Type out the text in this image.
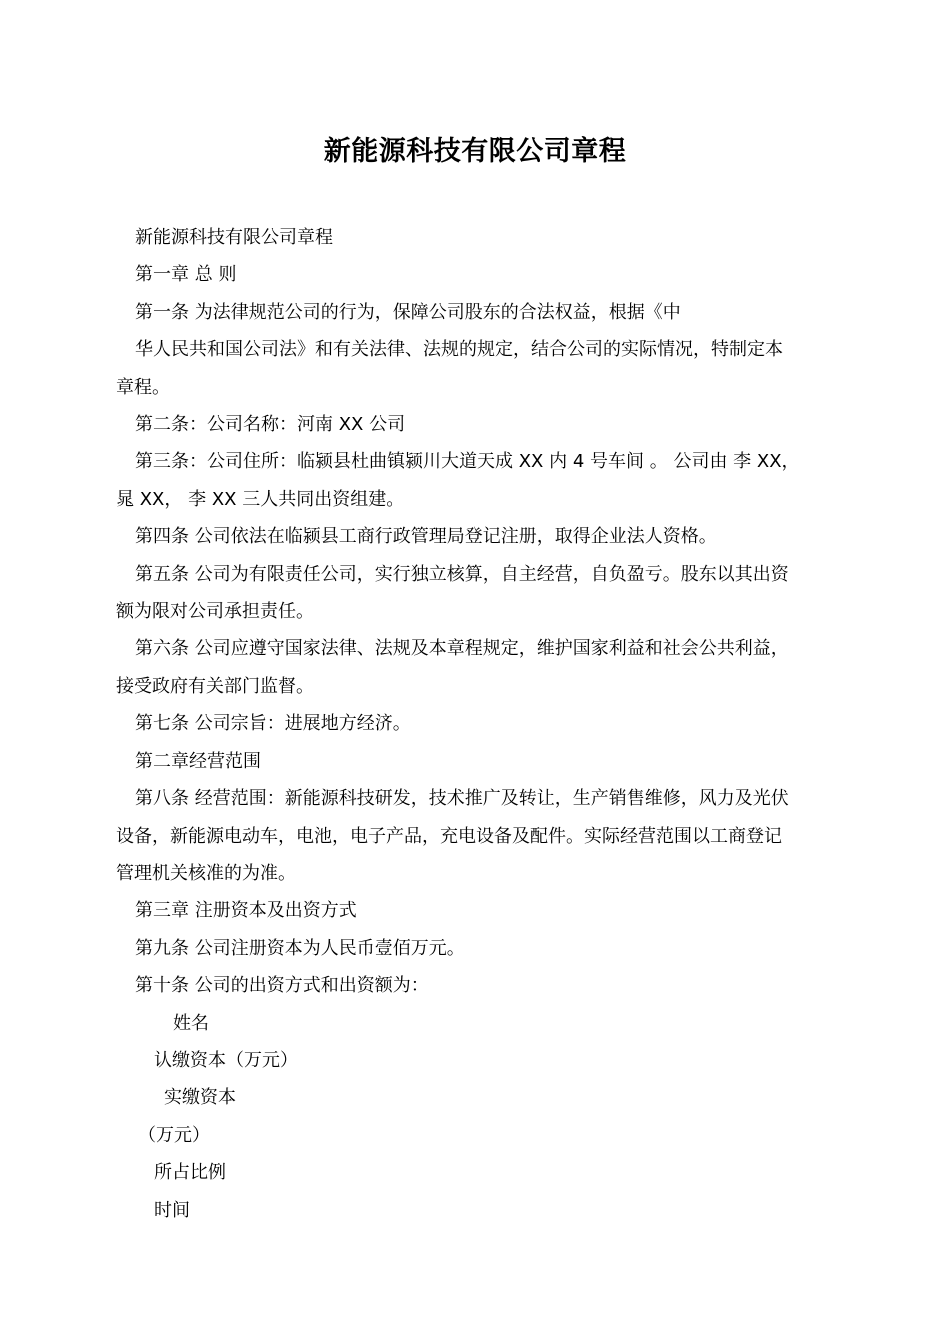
新能源科技有限公司章程
新能源科技有限公司章程
第一章 总 则
第一条 为法律规范公司的行为，保障公司股东的合法权益，根据《中
华人民共和国公司法》和有关法律、法规的规定，结合公司的实际情况，特制定本
章程。
第二条：公司名称：河南 XX 公司
第三条：公司住所：临颍县杜曲镇颍川大道天成 XX 内 4 号车间 。 公司由 李 XX，
晁 XX， 李 XX 三人共同出资组建。
第四条 公司依法在临颍县工商行政管理局登记注册，取得企业法人资格。
第五条 公司为有限责任公司，实行独立核算，自主经营，自负盈亏。股东以其出资
额为限对公司承担责任。
第六条 公司应遵守国家法律、法规及本章程规定，维护国家利益和社会公共利益，
接受政府有关部门监督。
第七条 公司宗旨：进展地方经济。
第二章经营范围
第八条 经营范围：新能源科技研发，技术推广及转让，生产销售维修，风力及光伏
设备，新能源电动车，电池，电子产品，充电设备及配件。实际经营范围以工商登记
管理机关核准的为准。
第三章 注册资本及出资方式
第九条 公司注册资本为人民币壹佰万元。
第十条 公司的出资方式和出资额为：
姓名
认缴资本（万元）
实缴资本
（万元）
所占比例
时间
